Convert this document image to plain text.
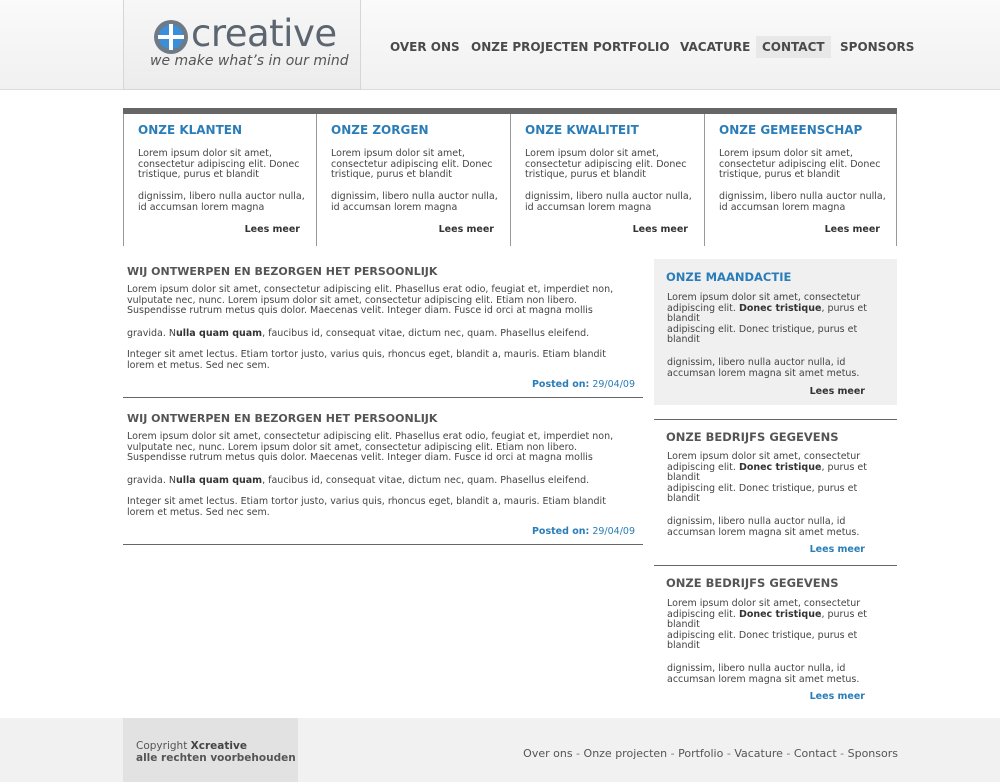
creative
we make what’s in our mind
OVER ONS ONZE PROJECTEN PORTFOLIO VACATURE CONTACT	SPONSORS
ONZE KLANTEN

Lorem ipsum dolor sit amet, consectetur adipiscing elit. Donec tristique, purus et blandit

dignissim, libero nulla auctor nulla, id accumsan lorem magna

Lees meer
ONZE ZORGEN

Lorem ipsum dolor sit amet, consectetur adipiscing elit. Donec tristique, purus et blandit

dignissim, libero nulla auctor nulla, id accumsan lorem magna

Lees meer
ONZE KWALITEIT

Lorem ipsum dolor sit amet, consectetur adipiscing elit. Donec tristique, purus et blandit

dignissim, libero nulla auctor nulla, id accumsan lorem magna

Lees meer
ONZE GEMEENSCHAP

Lorem ipsum dolor sit amet, consectetur adipiscing elit. Donec tristique, purus et blandit

dignissim, libero nulla auctor nulla, id accumsan lorem magna

Lees meer
WIJ ONTWERPEN EN BEZORGEN HET PERSOONLIJK

Lorem ipsum dolor sit amet, consectetur adipiscing elit. Phasellus erat odio, feugiat et, imperdiet non, vulputate nec, nunc. Lorem ipsum dolor sit amet, consectetur adipiscing elit. Etiam non libero. Suspendisse rutrum metus quis dolor. Maecenas velit. Integer diam. Fusce id orci at magna mollis

gravida. Nulla quam quam, faucibus id, consequat vitae, dictum nec, quam. Phasellus eleifend.

Integer sit amet lectus. Etiam tortor justo, varius quis, rhoncus eget, blandit a, mauris. Etiam blandit lorem et metus. Sed nec sem.

Posted on: 29/04/09
WIJ ONTWERPEN EN BEZORGEN HET PERSOONLIJK

Lorem ipsum dolor sit amet, consectetur adipiscing elit. Phasellus erat odio, feugiat et, imperdiet non, vulputate nec, nunc. Lorem ipsum dolor sit amet, consectetur adipiscing elit. Etiam non libero. Suspendisse rutrum metus quis dolor. Maecenas velit. Integer diam. Fusce id orci at magna mollis

gravida. Nulla quam quam, faucibus id, consequat vitae, dictum nec, quam. Phasellus eleifend.

Integer sit amet lectus. Etiam tortor justo, varius quis, rhoncus eget, blandit a, mauris. Etiam blandit lorem et metus. Sed nec sem.

Posted on: 29/04/09
ONZE MAANDACTIE

Lorem ipsum dolor sit amet, consectetur adipiscing elit. Donec tristique, purus et blandit
adipiscing elit. Donec tristique, purus et blandit

dignissim, libero nulla auctor nulla, id accumsan lorem magna sit amet metus.

Lees meer
ONZE BEDRIJFS GEGEVENS

Lorem ipsum dolor sit amet, consectetur adipiscing elit. Donec tristique, purus et blandit
adipiscing elit. Donec tristique, purus et blandit

dignissim, libero nulla auctor nulla, id accumsan lorem magna sit amet metus.

Lees meer
ONZE BEDRIJFS GEGEVENS

Lorem ipsum dolor sit amet, consectetur adipiscing elit. Donec tristique, purus et blandit
adipiscing elit. Donec tristique, purus et blandit

dignissim, libero nulla auctor nulla, id accumsan lorem magna sit amet metus.

Lees meer
Copyright Xcreative
alle rechten voorbehouden	Over ons - Onze projecten - Portfolio - Vacature - Contact - Sponsors
